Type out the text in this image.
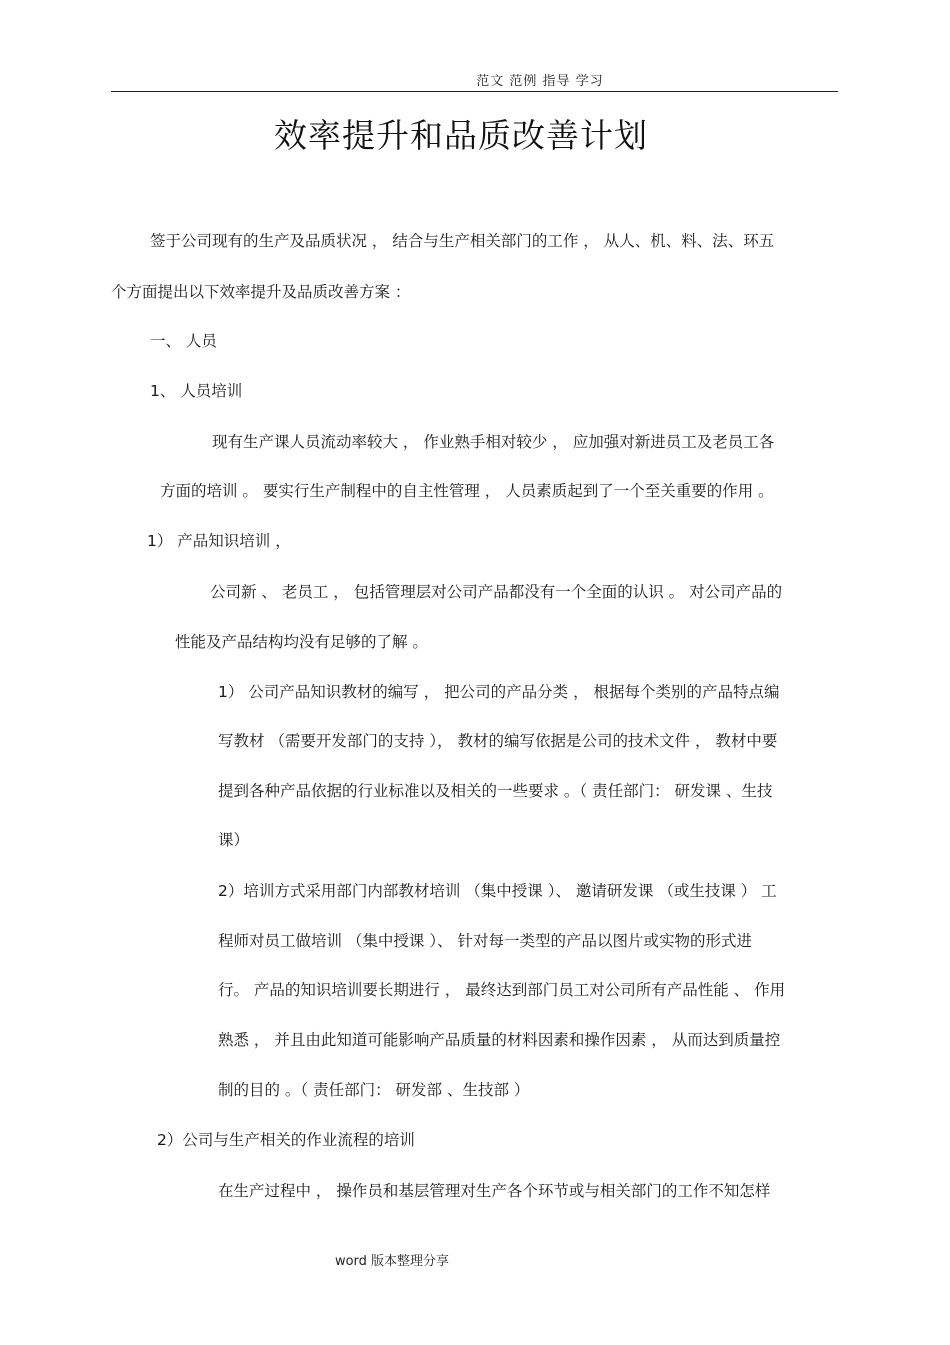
范文 范例 指导 学习
效率提升和品质改善计划
签于公司现有的生产及品质状况 ， 结合与生产相关部门的工作 ， 从人、机、料、法、环五
个方面提出以下效率提升及品质改善方案 ：
一、 人员
1、 人员培训
现有生产课人员流动率较大 ， 作业熟手相对较少 ， 应加强对新进员工及老员工各
方面的培训 。 要实行生产制程中的自主性管理 ， 人员素质起到了一个至关重要的作用 。
1） 产品知识培训 ，
公司新 、 老员工 ， 包括管理层对公司产品都没有一个全面的认识 。 对公司产品的
性能及产品结构均没有足够的了解 。
1） 公司产品知识教材的编写 ， 把公司的产品分类 ， 根据每个类别的产品特点编
写教材 （需要开发部门的支持 ）， 教材的编写依据是公司的技术文件 ， 教材中要
提到各种产品依据的行业标准以及相关的一些要求 。（ 责任部门： 研发课 、生技
课）
2）培训方式采用部门内部教材培训 （集中授课 ）、 邀请研发课 （或生技课 ） 工
程师对员工做培训 （集中授课 ）、 针对每一类型的产品以图片或实物的形式进
行。 产品的知识培训要长期进行 ， 最终达到部门员工对公司所有产品性能 、 作用
熟悉 ， 并且由此知道可能影响产品质量的材料因素和操作因素 ， 从而达到质量控
制的目的 。（ 责任部门： 研发部 、生技部 ）
2）公司与生产相关的作业流程的培训
在生产过程中 ， 操作员和基层管理对生产各个环节或与相关部门的工作不知怎样
word 版本整理分享
